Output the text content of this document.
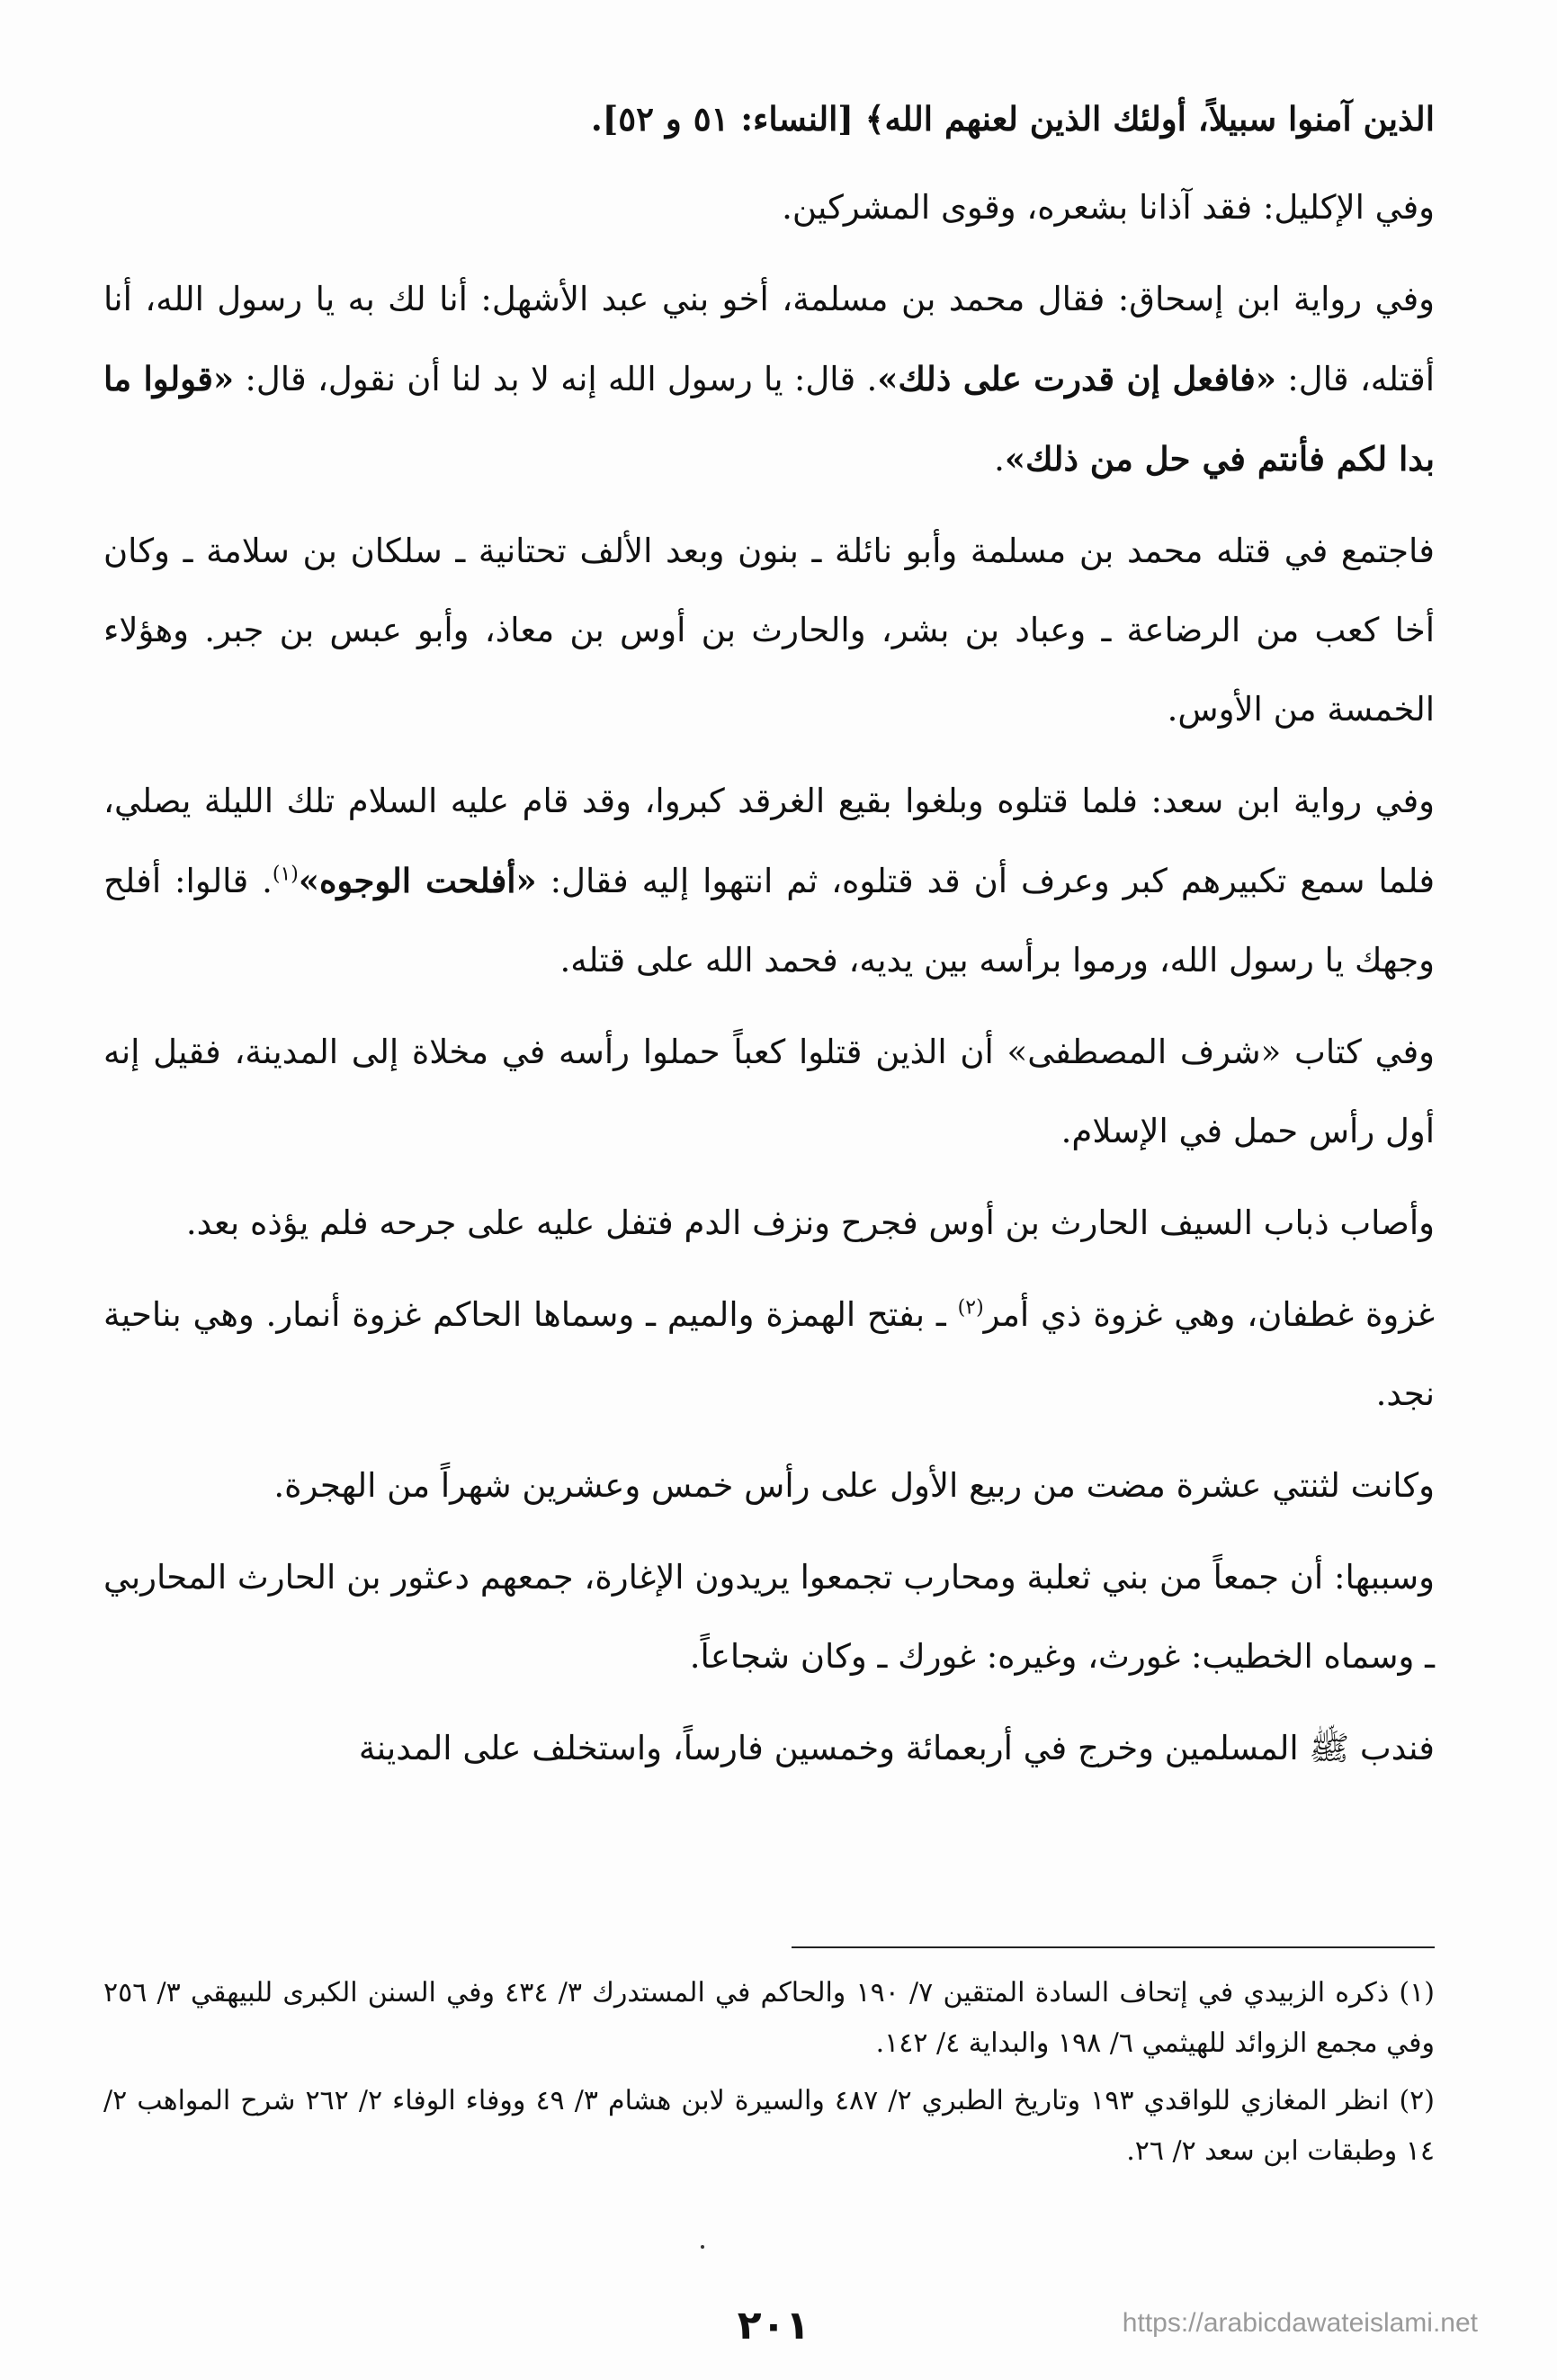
الذين آمنوا سبيلاً، أولئك الذين لعنهم الله﴾ [النساء: ٥١ و ٥٢].

وفي الإكليل: فقد آذانا بشعره، وقوى المشركين.

وفي رواية ابن إسحاق: فقال محمد بن مسلمة، أخو بني عبد الأشهل: أنا لك به يا رسول الله، أنا أقتله، قال: «فافعل إن قدرت على ذلك». قال: يا رسول الله إنه لا بد لنا أن نقول، قال: «قولوا ما بدا لكم فأنتم في حل من ذلك».

فاجتمع في قتله محمد بن مسلمة وأبو نائلة ـ بنون وبعد الألف تحتانية ـ سلكان بن سلامة ـ وكان أخا كعب من الرضاعة ـ وعباد بن بشر، والحارث بن أوس بن معاذ، وأبو عبس بن جبر. وهؤلاء الخمسة من الأوس.

وفي رواية ابن سعد: فلما قتلوه وبلغوا بقيع الغرقد كبروا، وقد قام عليه السلام تلك الليلة يصلي، فلما سمع تكبيرهم كبر وعرف أن قد قتلوه، ثم انتهوا إليه فقال: «أفلحت الوجوه»$^{(١)}$. قالوا: أفلح وجهك يا رسول الله، ورموا برأسه بين يديه، فحمد الله على قتله.

وفي كتاب «شرف المصطفى» أن الذين قتلوا كعباً حملوا رأسه في مخلاة إلى المدينة، فقيل إنه أول رأس حمل في الإسلام.

وأصاب ذباب السيف الحارث بن أوس فجرح ونزف الدم فتفل عليه على جرحه فلم يؤذه بعد.

غزوة غطفان، وهي غزوة ذي أمر$^{(٢)}$ ـ بفتح الهمزة والميم ـ وسماها الحاكم غزوة أنمار. وهي بناحية نجد.

وكانت لثنتي عشرة مضت من ربيع الأول على رأس خمس وعشرين شهراً من الهجرة.

وسببها: أن جمعاً من بني ثعلبة ومحارب تجمعوا يريدون الإغارة، جمعهم دعثور بن الحارث المحاربي ـ وسماه الخطيب: غورث، وغيره: غورك ـ وكان شجاعاً.

فندب ﷺ المسلمين وخرج في أربعمائة وخمسين فارساً، واستخلف على المدينة

(١) ذكره الزبيدي في إتحاف السادة المتقين ٧/ ١٩٠ والحاكم في المستدرك ٣/ ٤٣٤ وفي السنن الكبرى للبيهقي ٣/ ٢٥٦ وفي مجمع الزوائد للهيثمي ٦/ ١٩٨ والبداية ٤/ ١٤٢.

(٢) انظر المغازي للواقدي ١٩٣ وتاريخ الطبري ٢/ ٤٨٧ والسيرة لابن هشام ٣/ ٤٩ ووفاء الوفاء ٢/ ٢٦٢ شرح المواهب ٢/ ١٤ وطبقات ابن سعد ٢/ ٢٦.

٢٠١	https://arabicdawateislami.net
